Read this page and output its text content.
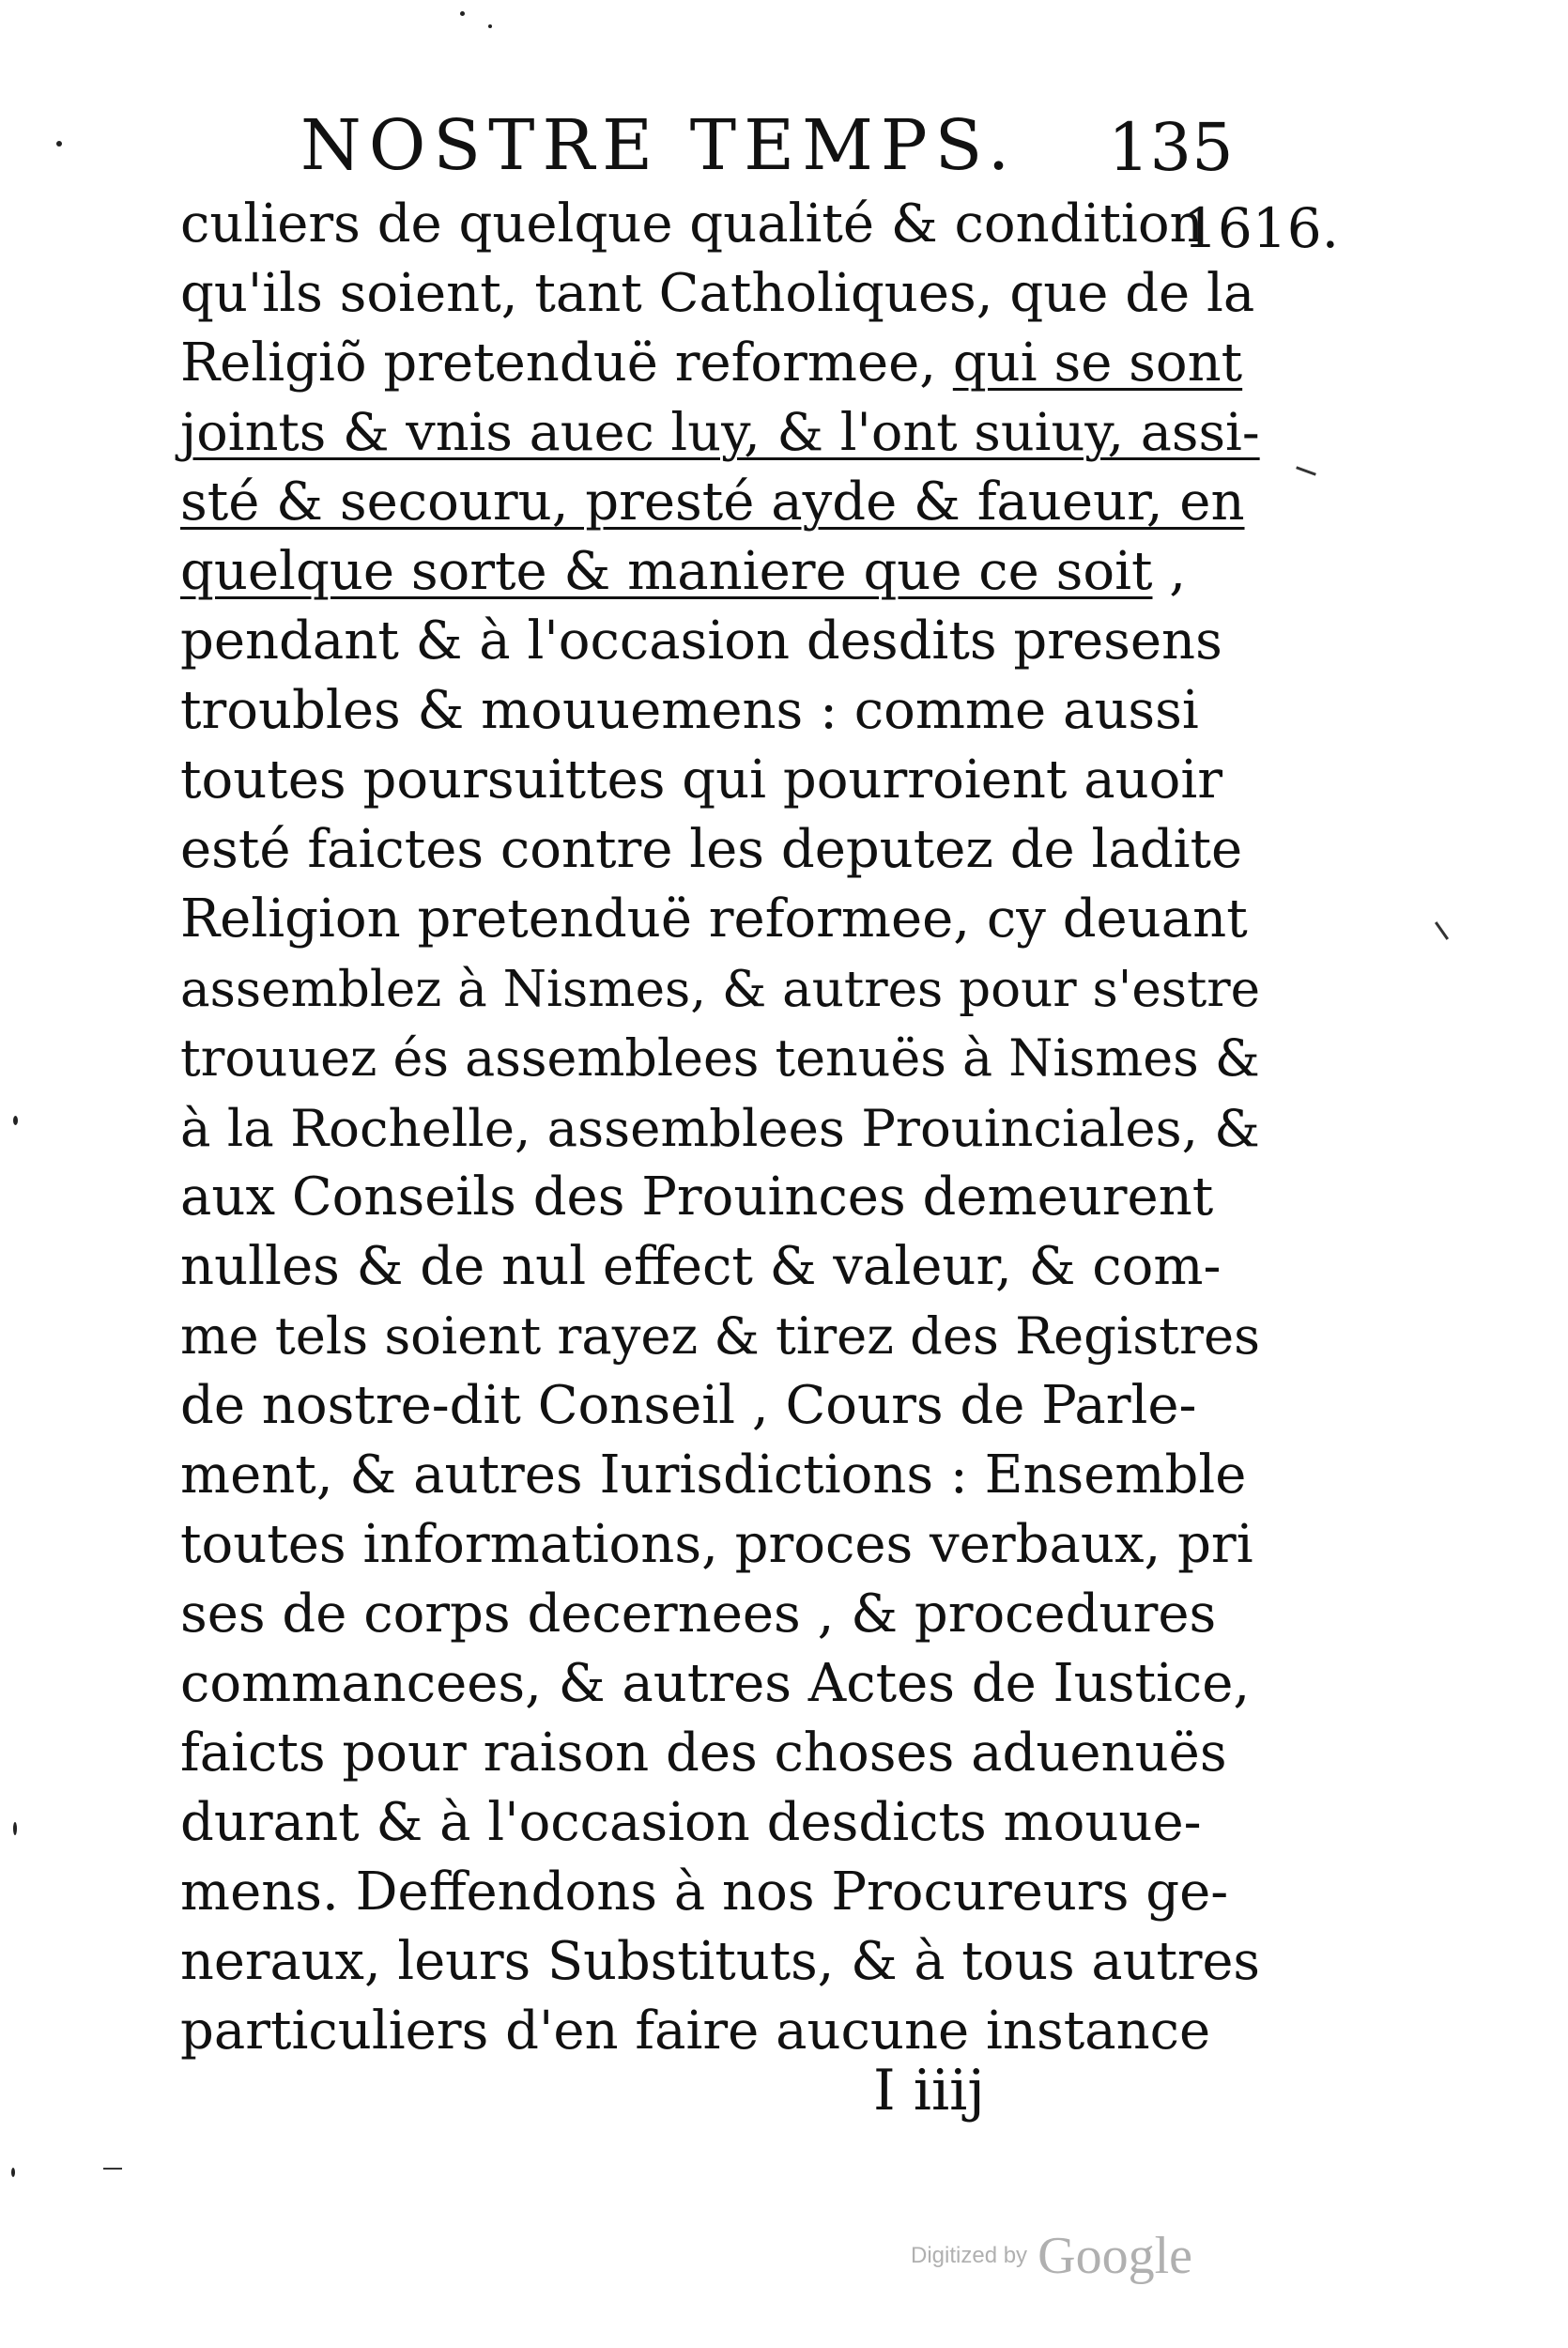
NOSTRE TEMPS. 135
1616.
culiers de quelque qualité & condition
qu'ils soient, tant Catholiques, que de la
Religiõ pretenduë reformee, qui se sont
joints & vnis auec luy, & l'ont suiuy, assi-
sté & secouru, presté ayde & faueur, en
quelque sorte & maniere que ce soit ,
pendant & à l'occasion desdits presens
troubles & mouuemens : comme aussi
toutes poursuittes qui pourroient auoir
esté faictes contre les deputez de ladite
Religion pretenduë reformee, cy deuant
assemblez à Nismes, & autres pour s'estre
trouuez és assemblees tenuës à Nismes &
à la Rochelle, assemblees Prouinciales, &
aux Conseils des Prouinces demeurent
nulles & de nul effect & valeur, & com-
me tels soient rayez & tirez des Registres
de nostre-dit Conseil , Cours de Parle-
ment, & autres Iurisdictions : Ensemble
toutes informations, proces verbaux, pri
ses de corps decernees , & procedures
commancees, & autres Actes de Iustice,
faicts pour raison des choses aduenuës
durant & à l'occasion desdicts mouue-
mens. Deffendons à nos Procureurs ge-
neraux, leurs Substituts, & à tous autres
particuliers d'en faire aucune instance
I iiij
Digitized by Google
